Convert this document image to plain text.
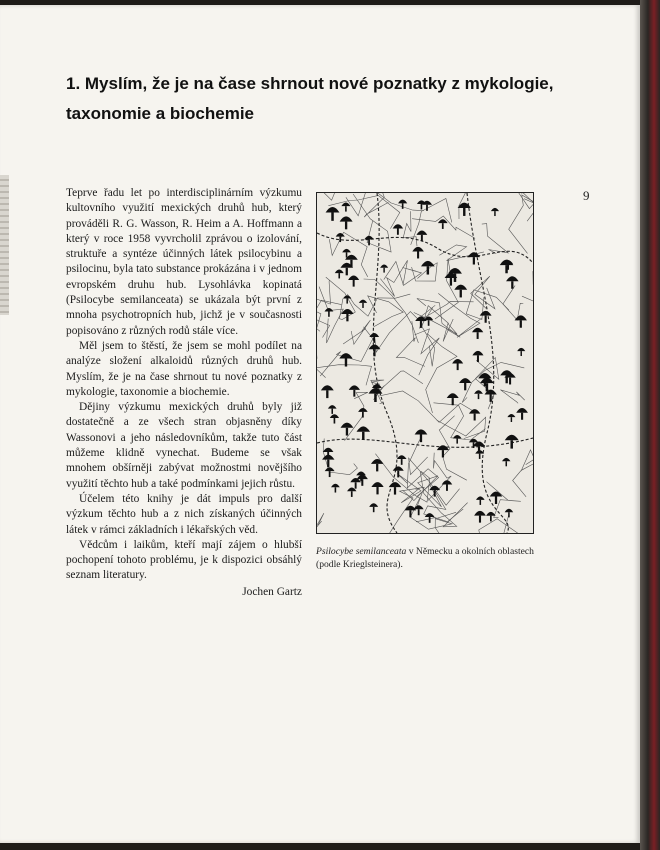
1. Myslím, že je na čase shrnout nové poznatky z mykologie,
taxonomie a biochemie
9

Teprve řadu let po interdisciplinárním výzkumu kultovního využití mexických druhů hub, který prováděli R. G. Wasson, R. Heim a A. Hoffmann a který v roce 1958 vyvrcholil zprávou o izolování, struktuře a syntéze účinných látek psilocybinu a psilocinu, byla tato substance prokázána i v jednom evropském druhu hub. Lysohlávka kopinatá (Psilocybe semilanceata) se ukázala být první z mnoha psychotropních hub, jichž je v současnosti popisováno z různých rodů stále více.

Měl jsem to štěstí, že jsem se mohl podílet na analýze složení alkaloidů různých druhů hub. Myslím, že je na čase shrnout tu nové poznatky z mykologie, taxonomie a biochemie.

Dějiny výzkumu mexických druhů byly již dostatečně a ze všech stran objasněny díky Wassonovi a jeho následovníkům, takže tuto část můžeme klidně vynechat. Budeme se však mnohem obšírněji zabývat možnostmi novějšího využití těchto hub a také podmínkami jejich růstu.

Účelem této knihy je dát impuls pro další výzkum těchto hub a z nich získaných účinných látek v rámci základních i lékařských věd.

Vědcům i laikům, kteří mají zájem o hlubší pochopení tohoto problému, je k dispozici obsáhlý seznam literatury.

Jochen Gartz

Psilocybe semilanceata v Německu a okolních oblastech (podle Krieglsteinera).
